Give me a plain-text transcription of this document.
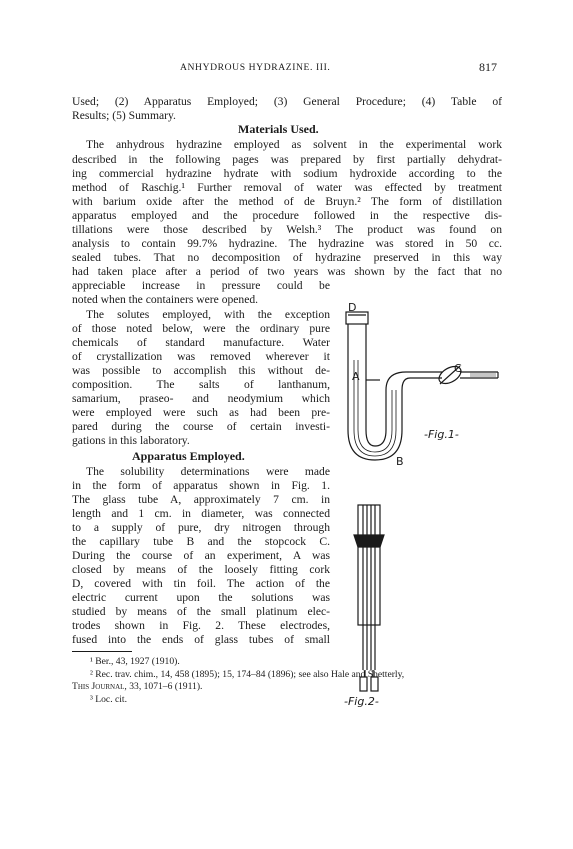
ANHYDROUS HYDRAZINE. III.	817
Used; (2) Apparatus Employed; (3) General Procedure; (4) Table of
Results; (5) Summary.
Materials Used.
The anhydrous hydrazine employed as solvent in the experimental work
described in the following pages was prepared by first partially dehydrat-
ing commercial hydrazine hydrate with sodium hydroxide according to the
method of Raschig.¹ Further removal of water was effected by treatment
with barium oxide after the method of de Bruyn.² The form of distillation
apparatus employed and the procedure followed in the respective dis-
tillations were those described by Welsh.³ The product was found on
analysis to contain 99.7% hydrazine. The hydrazine was stored in 50 cc.
sealed tubes. That no decomposition of hydrazine preserved in this way
had taken place after a period of two years was shown by the fact that no
appreciable increase in pressure could be
noted when the containers were opened.
The solutes employed, with the exception
of those noted below, were the ordinary pure
chemicals of standard manufacture. Water
of crystallization was removed wherever it
was possible to accomplish this without de-
composition. The salts of lanthanum,
samarium, praseo- and neodymium which
were employed were such as had been pre-
pared during the course of certain investi-
gations in this laboratory.
Apparatus Employed.
The solubility determinations were made
in the form of apparatus shown in Fig. 1.
The glass tube A, approximately 7 cm. in
length and 1 cm. in diameter, was connected
to a supply of pure, dry nitrogen through
the capillary tube B and the stopcock C.
During the course of an experiment, A was
closed by means of the loosely fitting cork
D, covered with tin foil. The action of the
electric current upon the solutions was
studied by means of the small platinum elec-
trodes shown in Fig. 2. These electrodes,
fused into the ends of glass tubes of small
D
A
C
B
-Fig.1-
-Fig.2-
¹ Ber., 43, 1927 (1910).
² Rec. trav. chim., 14, 458 (1895); 15, 174–84 (1896); see also Hale and Shetterly,
This Journal, 33, 1071–6 (1911).
³ Loc. cit.
